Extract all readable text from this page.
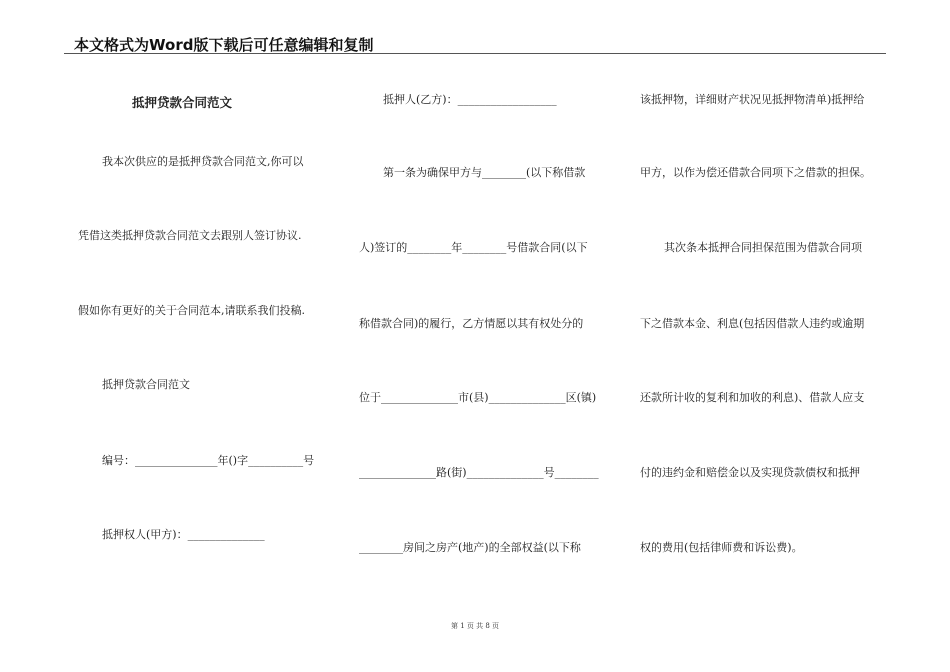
本文格式为Word版下载后可任意编辑和复制
抵押贷款合同范文
我本次供应的是抵押贷款合同范文,你可以
凭借这类抵押贷款合同范文去跟别人签订协议.
假如你有更好的关于合同范本,请联系我们投稿.
抵押贷款合同范文
编号：_______________年()字__________号
抵押权人(甲方)：______________
抵押人(乙方)：__________________
第一条为确保甲方与________(以下称借款
人)签订的________年________号借款合同(以下
称借款合同)的履行，乙方情愿以其有权处分的
位于______________市(县)______________区(镇)
______________路(街)______________号________
________房间之房产(地产)的全部权益(以下称
该抵押物，详细财产状况见抵押物清单)抵押给
甲方，以作为偿还借款合同项下之借款的担保。
其次条本抵押合同担保范围为借款合同项
下之借款本金、利息(包括因借款人违约或逾期
还款所计收的复利和加收的利息)、借款人应支
付的违约金和赔偿金以及实现贷款债权和抵押
权的费用(包括律师费和诉讼费)。
第 1 页 共 8 页
